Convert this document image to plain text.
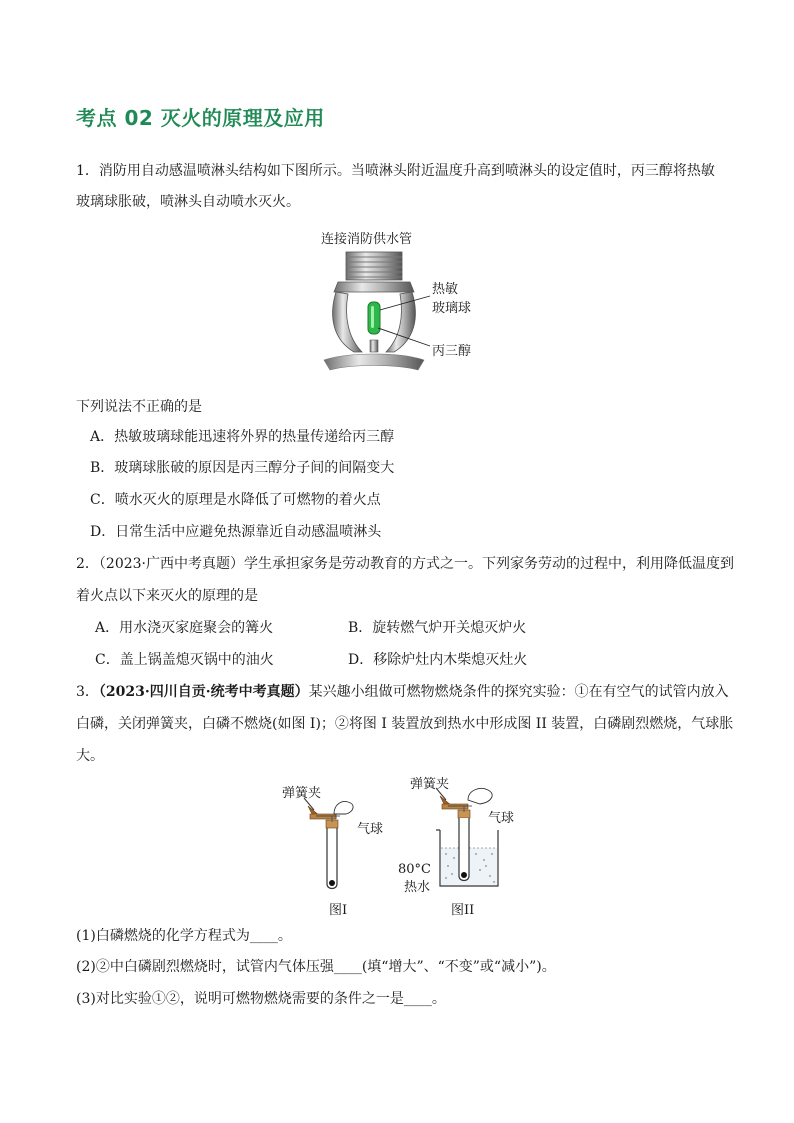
考点 02 灭火的原理及应用
1．消防用自动感温喷淋头结构如下图所示。当喷淋头附近温度升高到喷淋头的设定值时，丙三醇将热敏
玻璃球胀破，喷淋头自动喷水灭火。
连接消防供水管
热敏
玻璃球
丙三醇
下列说法不正确的是
A．热敏玻璃球能迅速将外界的热量传递给丙三醇
B．玻璃球胀破的原因是丙三醇分子间的间隔变大
C．喷水灭火的原理是水降低了可燃物的着火点
D．日常生活中应避免热源靠近自动感温喷淋头
2．（2023·广西中考真题）学生承担家务是劳动教育的方式之一。下列家务劳动的过程中，利用降低温度到
着火点以下来灭火的原理的是
A．用水浇灭家庭聚会的篝火	B．旋转燃气炉开关熄灭炉火
C．盖上锅盖熄灭锅中的油火	D．移除炉灶内木柴熄灭灶火
3．（2023·四川自贡·统考中考真题）某兴趣小组做可燃物燃烧条件的探究实验：①在有空气的试管内放入
白磷，关闭弹簧夹，白磷不燃烧(如图 I)；②将图 I 装置放到热水中形成图 II 装置，白磷剧烈燃烧，气球胀
大。
弹簧夹
气球
图I
弹簧夹
气球
80°C
热水
图II
(1)白磷燃烧的化学方程式为____。
(2)②中白磷剧烈燃烧时，试管内气体压强____(填“增大”、“不变”或“减小”)。
(3)对比实验①②，说明可燃物燃烧需要的条件之一是____。
